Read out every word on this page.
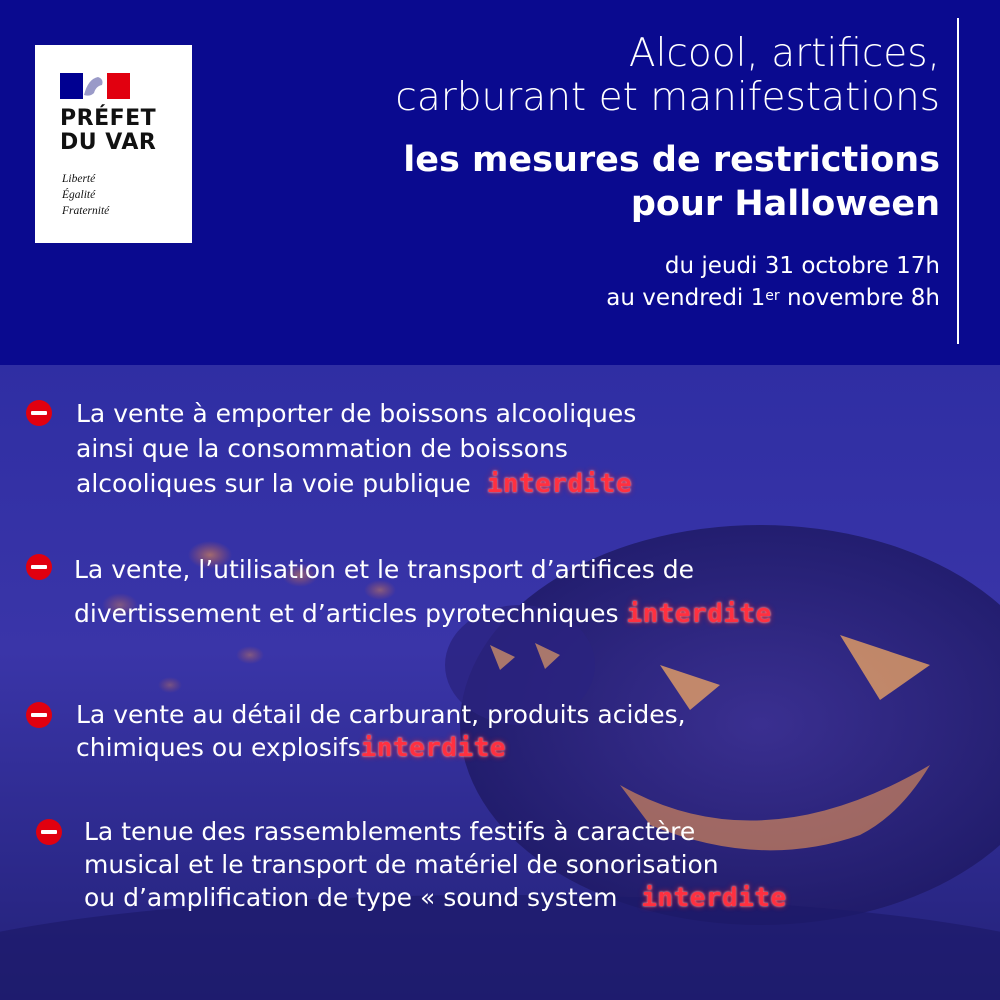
PRÉFET
DU VAR
Liberté
Égalité
Fraternité
Alcool, artifices,
carburant et manifestations
les mesures de restrictions
pour Halloween
du jeudi 31 octobre 17h
au vendredi 1er novembre 8h
La vente à emporter de boissons alcooliques
ainsi que la consommation de boissons
alcooliques sur la voie publique interdite
La vente, l’utilisation et le transport d’artifices de
divertissement et d’articles pyrotechniques interdite
La vente au détail de carburant, produits acides,
chimiques ou explosifsinterdite
La tenue des rassemblements festifs à caractère
musical et le transport de matériel de sonorisation
ou d’amplification de type « sound system interdite
